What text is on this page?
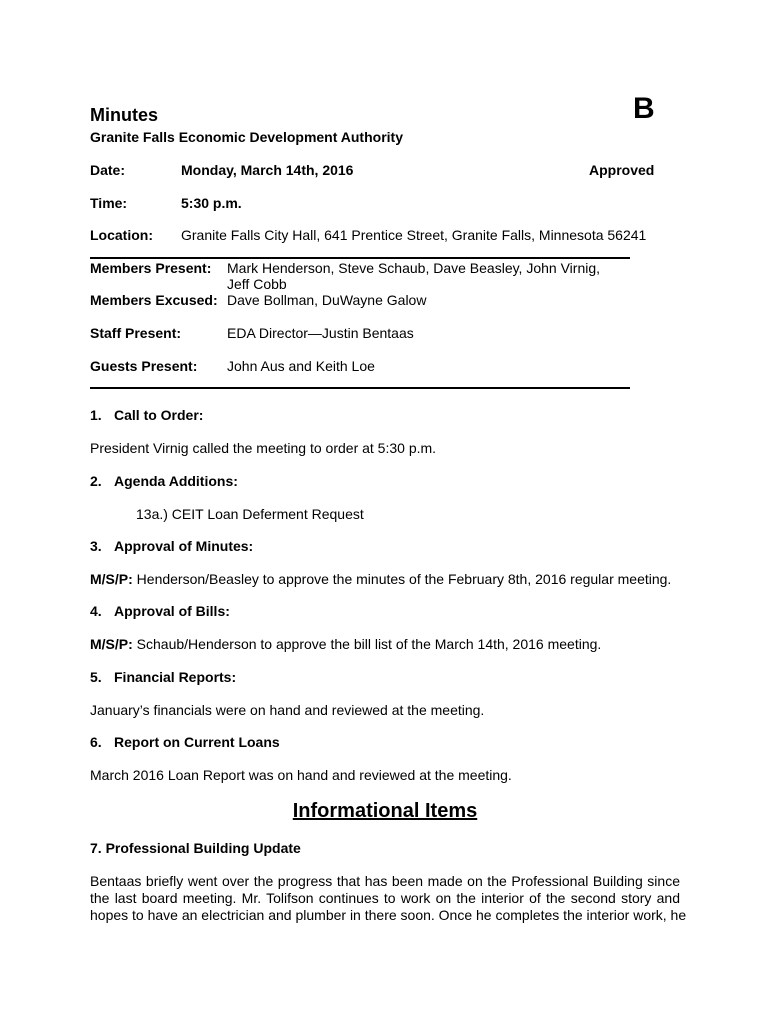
Minutes	B
Granite Falls Economic Development Authority
Date:	Monday, March 14th, 2016	Approved
Time:	5:30 p.m.
Location: Granite Falls City Hall, 641 Prentice Street, Granite Falls, Minnesota 56241
Members Present: Mark Henderson, Steve Schaub, Dave Beasley, John Virnig,
Jeff Cobb
Members Excused: Dave Bollman, DuWayne Galow
Staff Present:	EDA Director—Justin Bentaas
Guests Present: John Aus and Keith Loe
1. Call to Order:
President Virnig called the meeting to order at 5:30 p.m.
2. Agenda Additions:
13a.) CEIT Loan Deferment Request
3. Approval of Minutes:
M/S/P: Henderson/Beasley to approve the minutes of the February 8th, 2016 regular meeting.
4. Approval of Bills:
M/S/P: Schaub/Henderson to approve the bill list of the March 14th, 2016 meeting.
5. Financial Reports:
January’s financials were on hand and reviewed at the meeting.
6. Report on Current Loans
March 2016 Loan Report was on hand and reviewed at the meeting.
Informational Items
7. Professional Building Update
Bentaas briefly went over the progress that has been made on the Professional Building since
the last board meeting. Mr. Tolifson continues to work on the interior of the second story and
hopes to have an electrician and plumber in there soon. Once he completes the interior work, he
